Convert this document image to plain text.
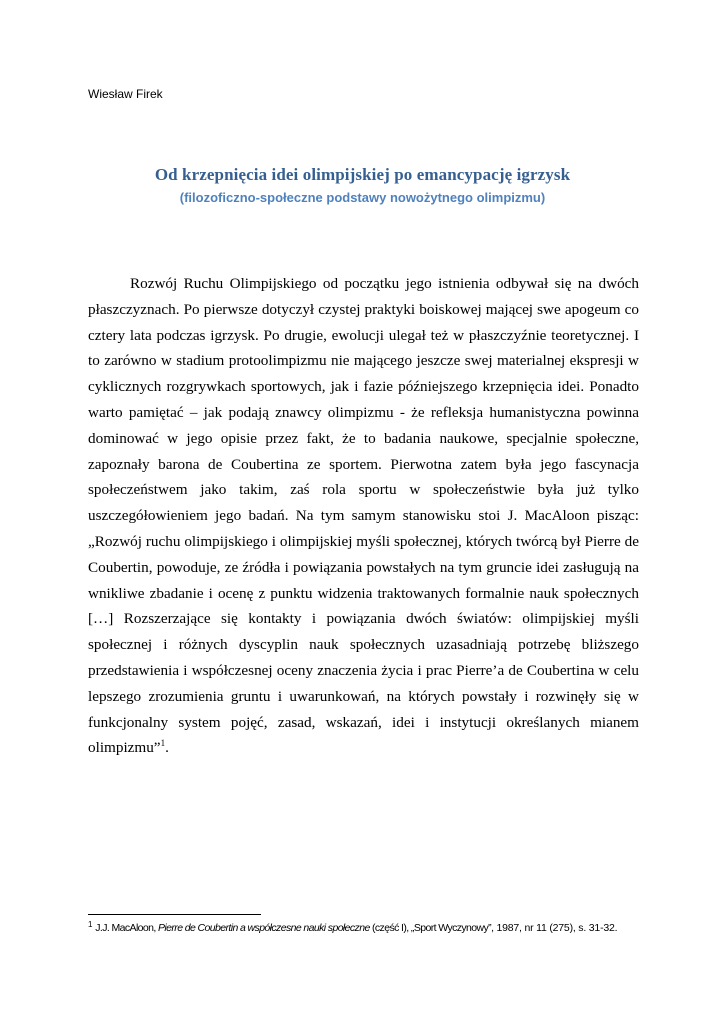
Wiesław Firek
Od krzepnięcia idei olimpijskiej po emancypację igrzysk
(filozoficzno-społeczne podstawy nowożytnego olimpizmu)

Rozwój Ruchu Olimpijskiego od początku jego istnienia odbywał się na dwóch płaszczyznach. Po pierwsze dotyczył czystej praktyki boiskowej mającej swe apogeum co cztery lata podczas igrzysk. Po drugie, ewolucji ulegał też w płaszczyźnie teoretycznej. I to zarówno w stadium protoolimpizmu nie mającego jeszcze swej materialnej ekspresji w cyklicznych rozgrywkach sportowych, jak i fazie późniejszego krzepnięcia idei. Ponadto warto pamiętać – jak podają znawcy olimpizmu - że refleksja humanistyczna powinna dominować w jego opisie przez fakt, że to badania naukowe, specjalnie społeczne, zapoznały barona de Coubertina ze sportem. Pierwotna zatem była jego fascynacja społeczeństwem jako takim, zaś rola sportu w społeczeństwie była już tylko uszczegółowieniem jego badań. Na tym samym stanowisku stoi J. MacAloon pisząc: „Rozwój ruchu olimpijskiego i olimpijskiej myśli społecznej, których twórcą był Pierre de Coubertin, powoduje, ze źródła i powiązania powstałych na tym gruncie idei zasługują na wnikliwe zbadanie i ocenę z punktu widzenia traktowanych formalnie nauk społecznych […] Rozszerzające się kontakty i powiązania dwóch światów: olimpijskiej myśli społecznej i różnych dyscyplin nauk społecznych uzasadniają potrzebę bliższego przedstawienia i współczesnej oceny znaczenia życia i prac Pierre’a de Coubertina w celu lepszego zrozumienia gruntu i uwarunkowań, na których powstały i rozwinęły się w funkcjonalny system pojęć, zasad, wskazań, idei i instytucji określanych mianem olimpizmu”$^1$.

$^1$ J.J. MacAloon, Pierre de Coubertin a współczesne nauki społeczne (część I), „Sport Wyczynowy”, 1987, nr 11 (275), s. 31-32.
